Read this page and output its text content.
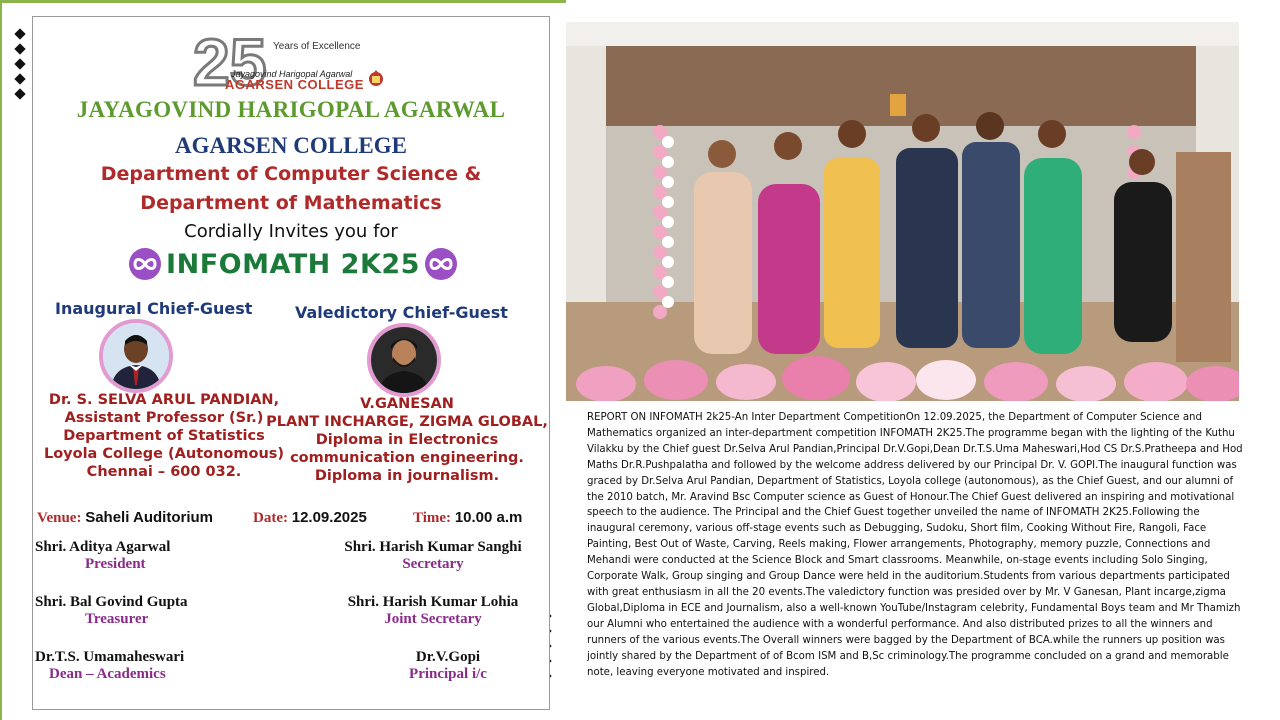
25 Years of Excellence
Jayagovind Harigopal Agarwal
AGARSEN COLLEGE
JAYAGOVIND HARIGOPAL AGARWAL
AGARSEN COLLEGE
Department of Computer Science &
Department of Mathematics
Cordially Invites you for
INFOMATH 2K25
Inaugural Chief-Guest	Valedictory Chief-Guest
Dr. S. SELVA ARUL PANDIAN,
Assistant Professor (Sr.)
Department of Statistics
Loyola College (Autonomous)
Chennai – 600 032.
V.GANESAN
PLANT INCHARGE, ZIGMA GLOBAL,
Diploma in Electronics
communication engineering.
Diploma in journalism.
Venue: Saheli Auditorium	Date: 12.09.2025	Time: 10.00 a.m
Shri. Aditya Agarwal
President
Shri. Harish Kumar Sanghi
Secretary
Shri. Bal Govind Gupta
Treasurer
Shri. Harish Kumar Lohia
Joint Secretary
Dr.T.S. Umamaheswari
Dean – Academics
Dr.V.Gopi
Principal i/c

REPORT ON INFOMATH 2k25-An Inter Department CompetitionOn 12.09.2025, the Department of Computer Science and Mathematics organized an inter-department competition INFOMATH 2K25.The programme began with the lighting of the Kuthu Vilakku by the Chief guest Dr.Selva Arul Pandian,Principal Dr.V.Gopi,Dean Dr.T.S.Uma Maheswari,Hod CS Dr.S.Pratheepa and Hod Maths Dr.R.Pushpalatha and followed by the welcome address delivered by our Principal Dr. V. GOPI.The inaugural function was graced by Dr.Selva Arul Pandian, Department of Statistics, Loyola college (autonomous), as the Chief Guest, and our alumni of the 2010 batch, Mr. Aravind Bsc Computer science as Guest of Honour.The Chief Guest delivered an inspiring and motivational speech to the audience. The Principal and the Chief Guest together unveiled the name of INFOMATH 2K25.Following the inaugural ceremony, various off-stage events such as Debugging, Sudoku, Short film, Cooking Without Fire, Rangoli, Face Painting, Best Out of Waste, Carving, Reels making, Flower arrangements, Photography, memory puzzle, Connections and Mehandi were conducted at the Science Block and Smart classrooms. Meanwhile, on-stage events including Solo Singing, Corporate Walk, Group singing and Group Dance were held in the auditorium.Students from various departments participated with great enthusiasm in all the 20 events.The valedictory function was presided over by Mr. V Ganesan, Plant incarge,zigma Global,Diploma in ECE and Journalism, also a well-known YouTube/Instagram celebrity, Fundamental Boys team and Mr Thamizh our Alumni who entertained the audience with a wonderful performance. And also distributed prizes to all the winners and runners of the various events.The Overall winners were bagged by the Department of BCA.while the runners up position was jointly shared by the Department of of Bcom ISM and B,Sc criminology.The programme concluded on a grand and memorable note, leaving everyone motivated and inspired.
